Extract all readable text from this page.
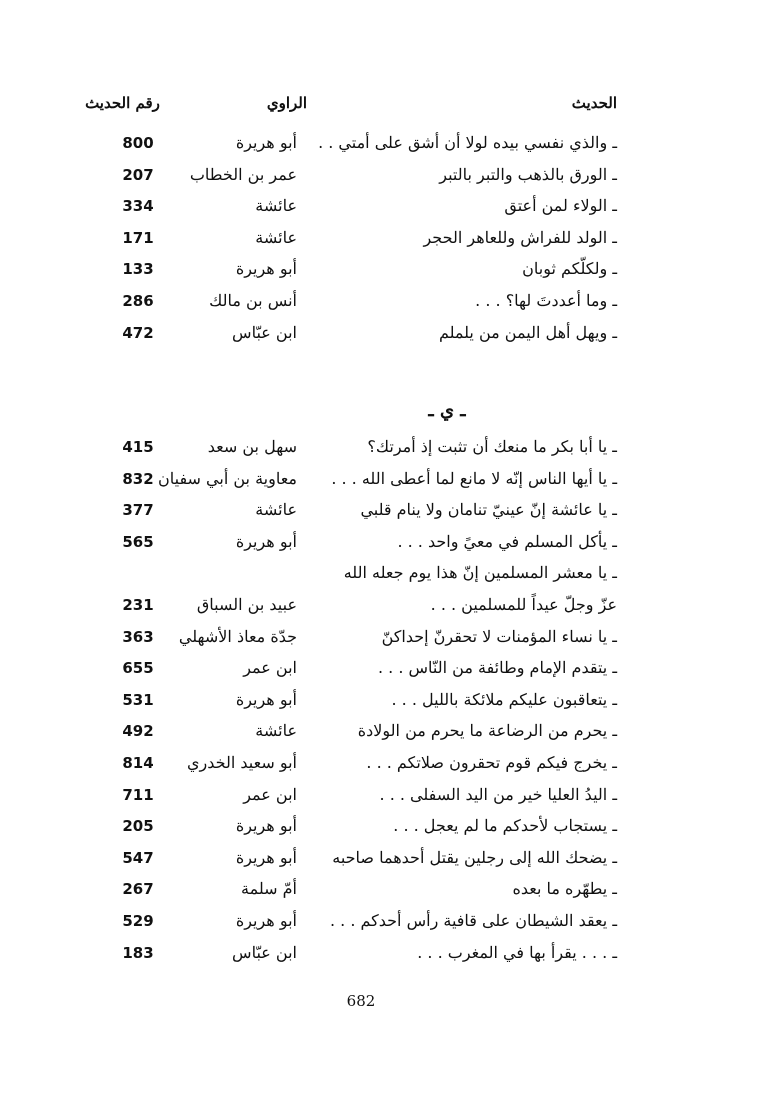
الحديث
الراوي
رقم الحديث
ـ والذي نفسي بيده لولا أن أشق على أمتي . .
أبو هريرة
800
ـ الورق بالذهب والتبر بالتبر
عمر بن الخطاب
207
ـ الولاء لمن أعتق
عائشة
334
ـ الولد للفراش وللعاهر الحجر
عائشة
171
ـ ولكلّكم ثوبان
أبو هريرة
133
ـ وما أعددتَ لها؟ . . .
أنس بن مالك
286
ـ ويهل أهل اليمن من يلملم
ابن عبّاس
472
ـ ي ـ
ـ يا أبا بكر ما منعك أن تثبت إذ أمرتك؟
سهل بن سعد
415
ـ يا أيها الناس إنّه لا مانع لما أعطى الله . . .
معاوية بن أبي سفيان
832
ـ يا عائشة إنّ عينيّ تنامان ولا ينام قلبي
عائشة
377
ـ يأكل المسلم في معيً واحد . . .
أبو هريرة
565
ـ يا معشر المسلمين إنّ هذا يوم جعله الله
عزّ وجلّ عيداً للمسلمين . . .
عبيد بن السباق
231
ـ يا نساء المؤمنات لا تحقرنّ إحداكنّ
جدّة معاذ الأشهلي
363
ـ يتقدم الإمام وطائفة من النّاس . . .
ابن عمر
655
ـ يتعاقبون عليكم ملائكة بالليل . . .
أبو هريرة
531
ـ يحرم من الرضاعة ما يحرم من الولادة
عائشة
492
ـ يخرج فيكم قوم تحقرون صلاتكم . . .
أبو سعيد الخدري
814
ـ اليدُ العليا خير من اليد السفلى . . .
ابن عمر
711
ـ يستجاب لأحدكم ما لم يعجل . . .
أبو هريرة
205
ـ يضحك الله إلى رجلين يقتل أحدهما صاحبه
أبو هريرة
547
ـ يطهّره ما بعده
أمّ سلمة
267
ـ يعقد الشيطان على قافية رأس أحدكم . . .
أبو هريرة
529
ـ . . . يقرأ بها في المغرب . . .
ابن عبّاس
183
682
